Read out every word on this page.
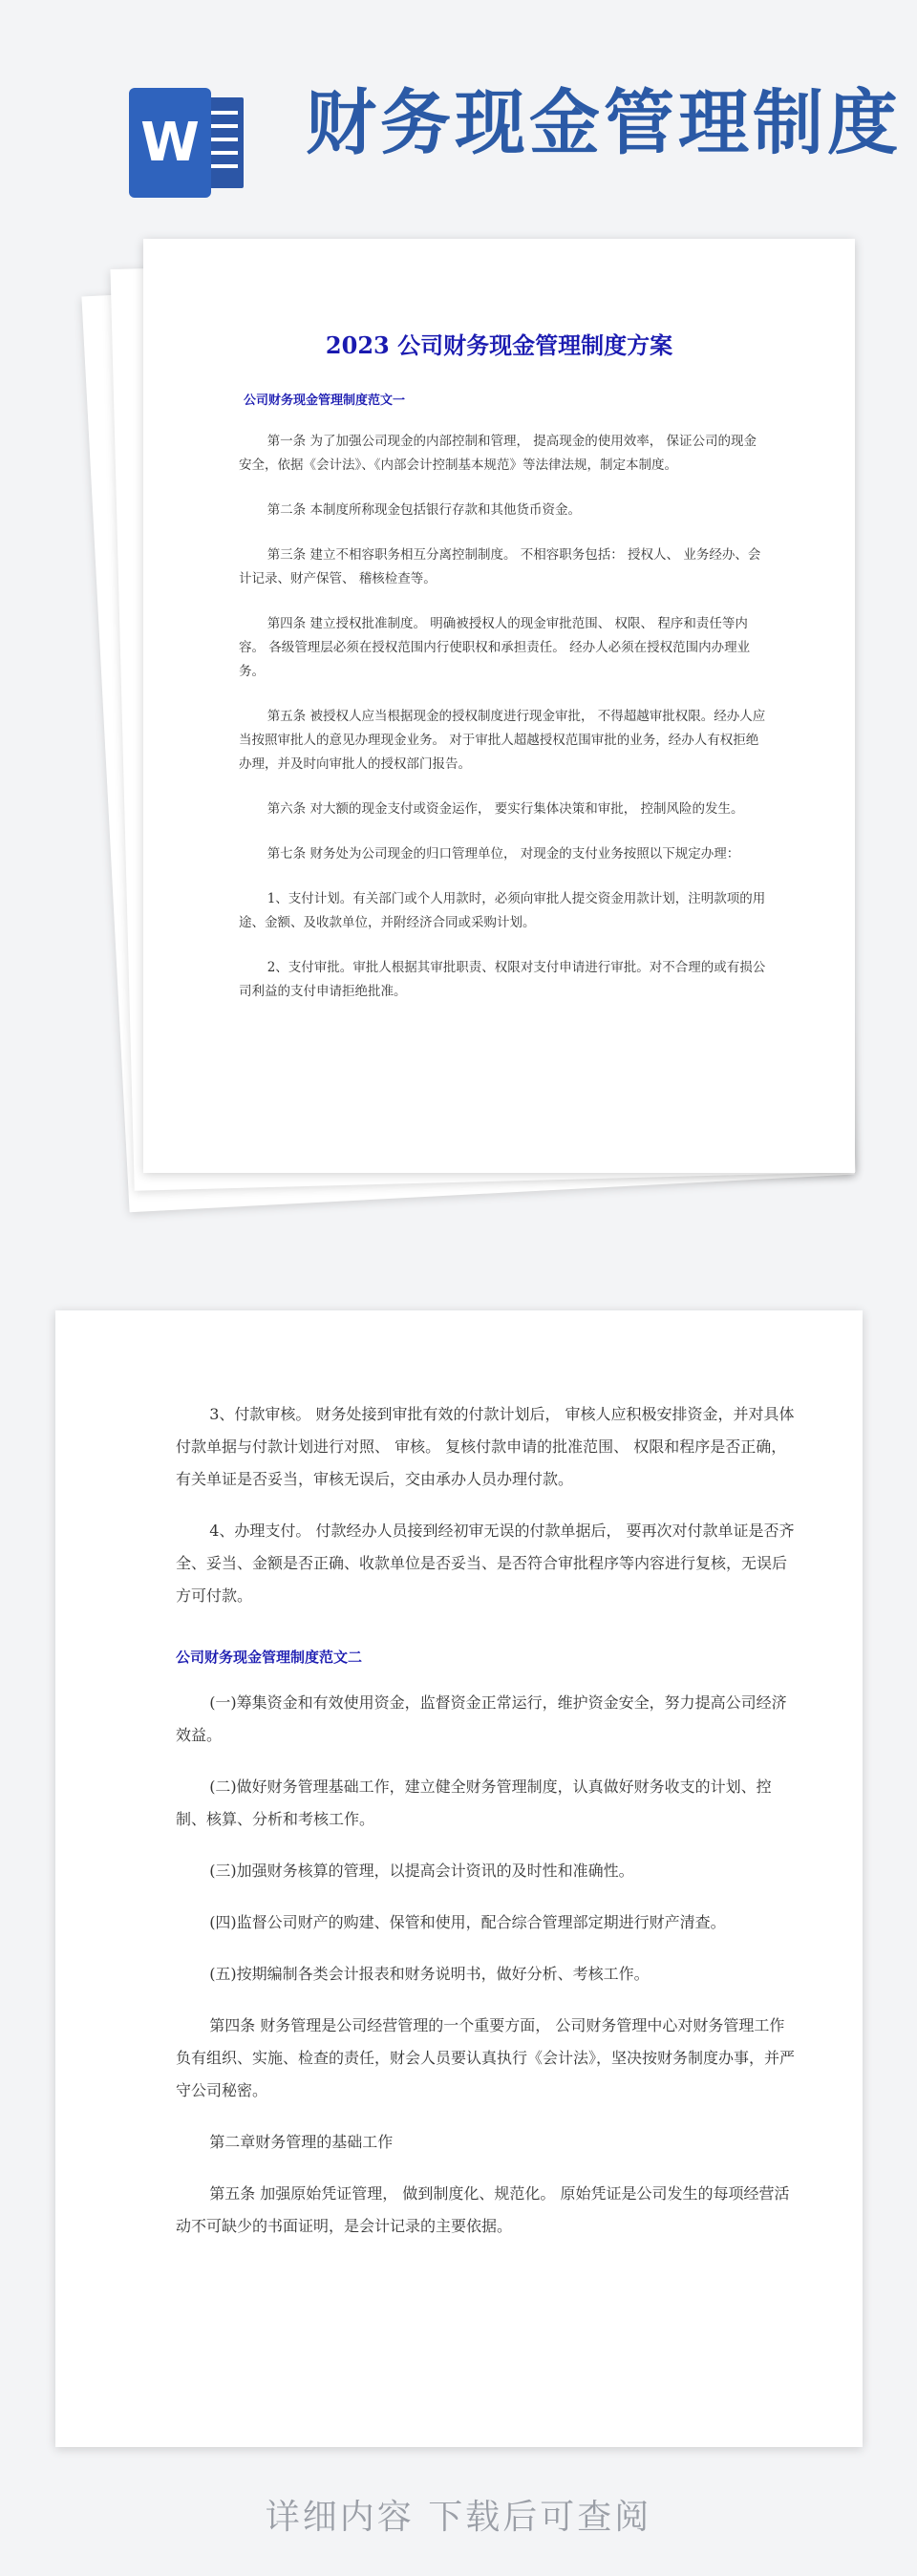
W 财务现金管理制度
2023 公司财务现金管理制度方案
公司财务现金管理制度范文一

第一条 为了加强公司现金的内部控制和管理， 提高现金的使用效率， 保证公司的现金安全，依据《会计法》、《内部会计控制基本规范》等法律法规，制定本制度。

第二条 本制度所称现金包括银行存款和其他货币资金。

第三条 建立不相容职务相互分离控制制度。 不相容职务包括： 授权人、 业务经办、会计记录、财产保管、 稽核检查等。

第四条 建立授权批准制度。 明确被授权人的现金审批范围、 权限、 程序和责任等内容。 各级管理层必须在授权范围内行使职权和承担责任。 经办人必须在授权范围内办理业务。

第五条 被授权人应当根据现金的授权制度进行现金审批， 不得超越审批权限。经办人应当按照审批人的意见办理现金业务。 对于审批人超越授权范围审批的业务，经办人有权拒绝办理，并及时向审批人的授权部门报告。

第六条 对大额的现金支付或资金运作， 要实行集体决策和审批， 控制风险的发生。

第七条 财务处为公司现金的归口管理单位， 对现金的支付业务按照以下规定办理：

1、支付计划。有关部门或个人用款时，必须向审批人提交资金用款计划，注明款项的用途、金额、及收款单位，并附经济合同或采购计划。

2、支付审批。审批人根据其审批职责、权限对支付申请进行审批。对不合理的或有损公司利益的支付申请拒绝批准。

3、付款审核。 财务处接到审批有效的付款计划后， 审核人应积极安排资金，并对具体付款单据与付款计划进行对照、 审核。 复核付款申请的批准范围、 权限和程序是否正确，有关单证是否妥当，审核无误后，交由承办人员办理付款。

4、办理支付。 付款经办人员接到经初审无误的付款单据后， 要再次对付款单证是否齐全、妥当、金额是否正确、收款单位是否妥当、是否符合审批程序等内容进行复核，无误后方可付款。

公司财务现金管理制度范文二

(一)筹集资金和有效使用资金，监督资金正常运行，维护资金安全，努力提高公司经济效益。

(二)做好财务管理基础工作，建立健全财务管理制度，认真做好财务收支的计划、控制、核算、分析和考核工作。

(三)加强财务核算的管理，以提高会计资讯的及时性和准确性。

(四)监督公司财产的购建、保管和使用，配合综合管理部定期进行财产清查。

(五)按期编制各类会计报表和财务说明书，做好分析、考核工作。

第四条 财务管理是公司经营管理的一个重要方面， 公司财务管理中心对财务管理工作负有组织、实施、检查的责任，财会人员要认真执行《会计法》，坚决按财务制度办事，并严守公司秘密。

第二章财务管理的基础工作

第五条 加强原始凭证管理， 做到制度化、规范化。 原始凭证是公司发生的每项经营活动不可缺少的书面证明，是会计记录的主要依据。

详细内容 下载后可查阅
